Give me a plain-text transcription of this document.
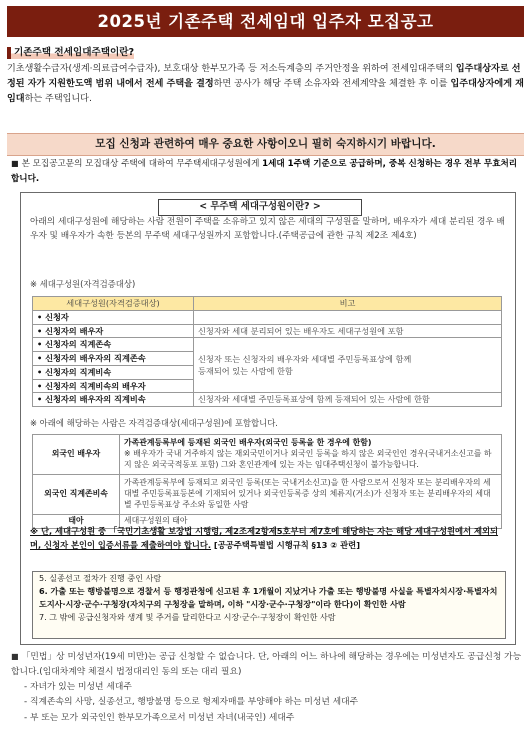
2025년 기존주택 전세임대 입주자 모집공고
기존주택 전세임대주택이란?
기초생활수급자(생계·의료급여수급자), 보호대상 한부모가족 등 저소득계층의 주거안정을 위하여 전세임대주택의 입주대상자로 선정된 자가 지원한도액 범위 내에서 전세 주택을 결정하면 공사가 해당 주택 소유자와 전세계약을 체결한 후 이를 입주대상자에게 재임대하는 주택입니다.
모집 신청과 관련하여 매우 중요한 사항이오니 필히 숙지하시기 바랍니다.
■ 본 모집공고문의 모집대상 주택에 대하여 무주택세대구성원에게 1세대 1주택 기준으로 공급하며, 중복 신청하는 경우 전부 무효처리 합니다.
< 무주택 세대구성원이란? >
아래의 세대구성원에 해당하는 사람 전원이 주택을 소유하고 있지 않은 세대의 구성원을 말하며, 배우자가 세대 분리된 경우 배우자 및 배우자가 속한 등본의 무주택 세대구성원까지 포함합니다.(주택공급에 관한 규칙 제2조 제4호)
※ 세대구성원(자격검증대상)
세대구성원(자격검증대상)	비고
• 신청자	
• 신청자의 배우자	신청자와 세대 분리되어 있는 배우자도 세대구성원에 포함
• 신청자의 직계존속	신청자 또는 신청자의 배우자와 세대별 주민등록표상에 함께
등재되어 있는 사람에 한함
• 신청자의 배우자의 직계존속	
• 신청자의 직계비속	
• 신청자의 직계비속의 배우자	
• 신청자의 배우자의 직계비속	신청자와 세대별 주민등록표상에 함께 등재되어 있는 사람에 한함
※ 아래에 해당하는 사람은 자격검증대상(세대구성원)에 포함합니다.
외국인 배우자	가족관계등록부에 등재된 외국인 배우자(외국인 등록을 한 경우에 한함)
※ 배우자가 국내 거주하지 않는 재외국민이거나 외국인 등록을 하지 않은 외국인인 경우(국내거소신고를 하지 않은 외국국적동포 포함) 그와 혼인관계에 있는 자는 임대주택신청이 불가능합니다.
외국인 직계존비속	가족관계등록부에 등재되고 외국인 등록(또는 국내거소신고)을 한 사람으로서 신청자 또는 분리배우자의 세대별 주민등록표등본에 기재되어 있거나 외국인등록증 상의 체류지(거소)가 신청자 또는 분리배우자의 세대별 주민등록표상 주소와 동일한 사람
태아	세대구성원의 태아
※ 단, 세대구성원 중 「국민기초생활 보장법 시행령, 제2조제2항제5호부터 제7호에 해당하는 자는 해당 세대구성원에서 제외되며, 신청자 본인이 입증서류를 제출하여야 합니다. [공공주택특별법 시행규칙 §13 ② 관련]
5. 실종선고 절차가 진행 중인 사람
6. 가출 또는 행방불명으로 경찰서 등 행정관청에 신고된 후 1개월이 지났거나 가출 또는 행방불명 사실을 특별자치시장·특별자치도지사·시장·군수·구청장(자치구의 구청장을 말하며, 이하 "시장·군수·구청장"이라 한다)이 확인한 사람
7. 그 밖에 공급신청자와 생계 및 주거를 달리한다고 시장·군수·구청장이 확인한 사람
■ 「민법」상 미성년자(19세 미만)는 공급 신청할 수 없습니다. 단, 아래의 어느 하나에 해당하는 경우에는 미성년자도 공급신청 가능합니다.(임대차계약 체결시 법정대리인 동의 또는 대리 필요)
- 자녀가 있는 미성년 세대주
- 직계존속의 사망, 실종선고, 행방불명 등으로 형제자매를 부양해야 하는 미성년 세대주
- 부 또는 모가 외국인인 한부모가족으로서 미성년 자녀(내국인) 세대주
